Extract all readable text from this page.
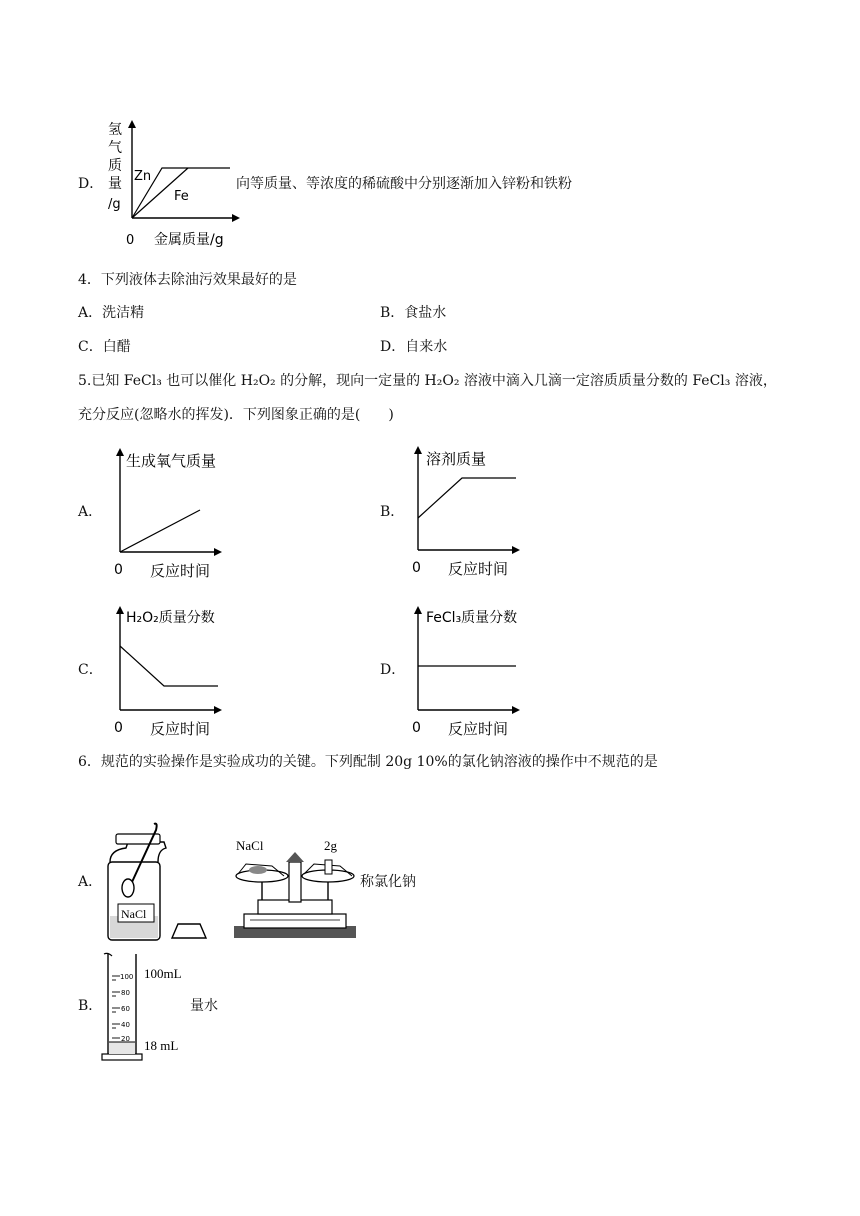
D． Zn
Fe
氢
气
质
量
/g
0 金属质量/g
向等质量、等浓度的稀硫酸中分别逐渐加入锌粉和铁粉
4．下列液体去除油污效果最好的是
A．洗洁精	B．食盐水
C．白醋	D．自来水
5.已知 FeCl₃ 也可以催化 H₂O₂ 的分解，现向一定量的 H₂O₂ 溶液中滴入几滴一定溶质质量分数的 FeCl₃ 溶液，
充分反应(忽略水的挥发)．下列图象正确的是(　　)
A．
生成氧气质量
0 反应时间
B．
溶剂质量
0 反应时间
C．
H₂O₂质量分数
0 反应时间
D．
FeCl₃质量分数
0 反应时间
6．规范的实验操作是实验成功的关键。下列配制 20g 10%的氯化钠溶液的操作中不规范的是
A．
NaCl
NaCl	2g
称氯化钠
B．
100
80
60
40
20
100mL
18 mL
量水
